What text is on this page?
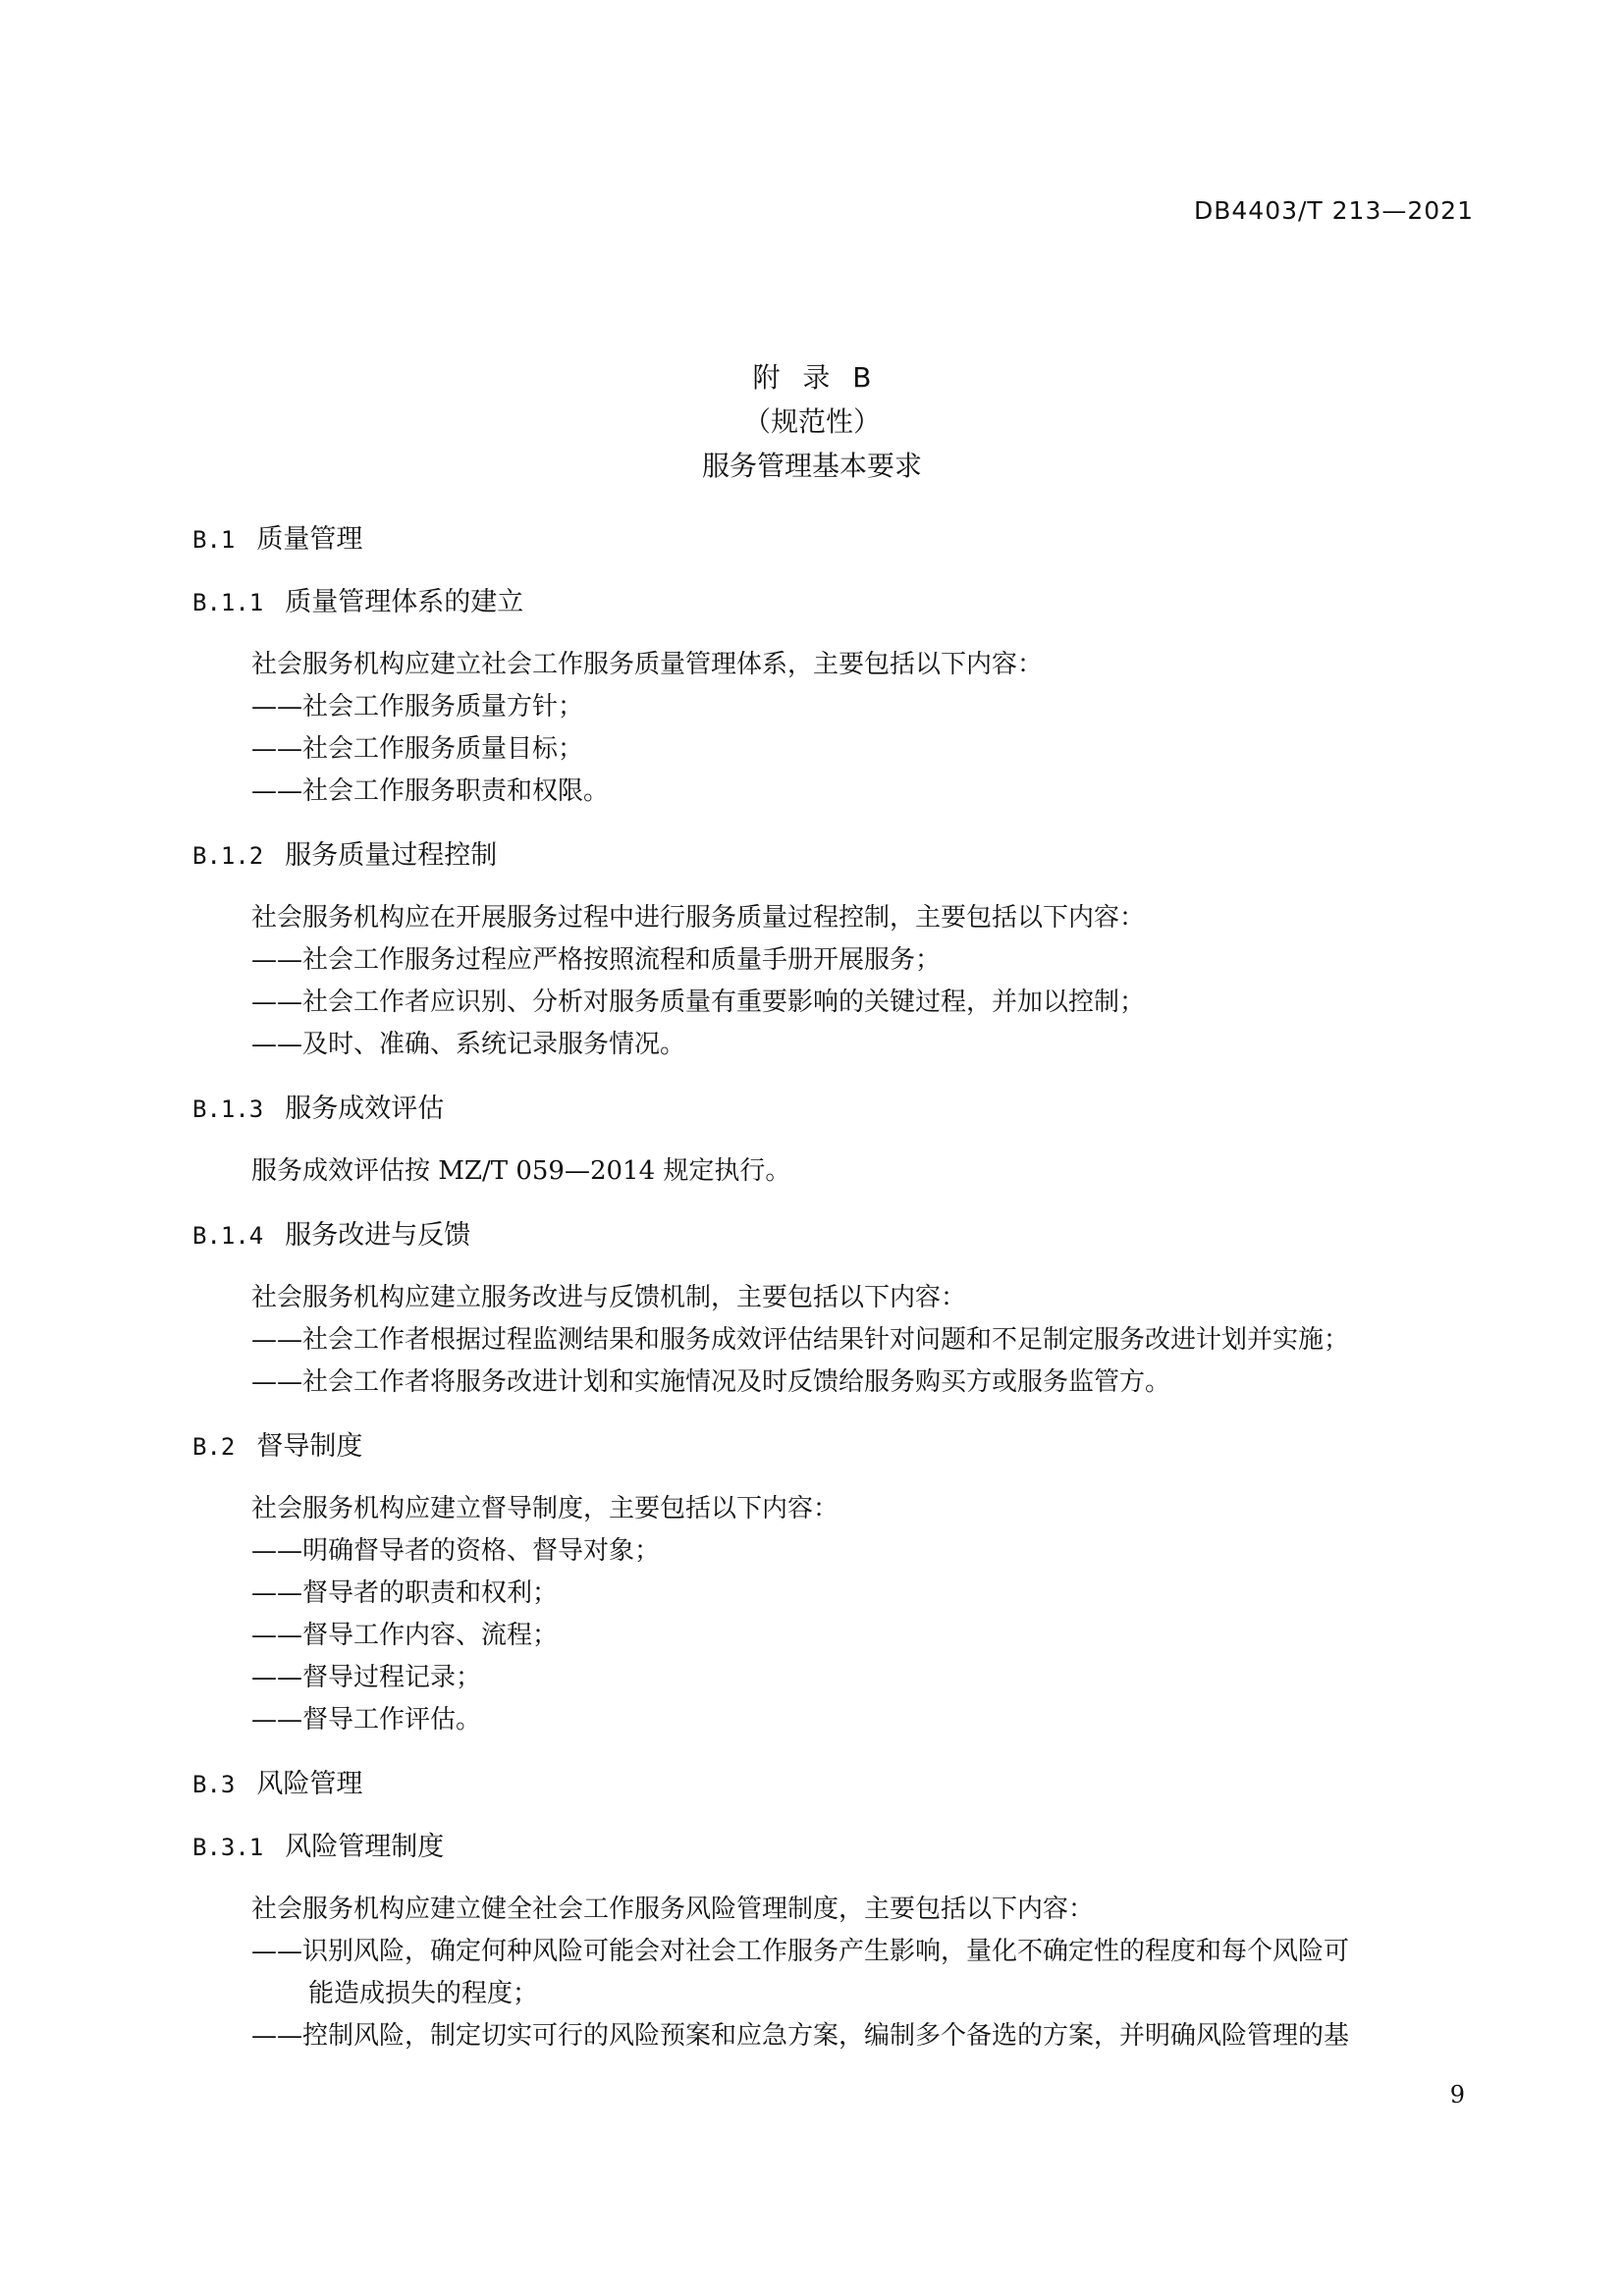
DB4403/T 213—2021
附 录 B
（规范性）
服务管理基本要求

B.1 质量管理

B.1.1 质量管理体系的建立

社会服务机构应建立社会工作服务质量管理体系，主要包括以下内容：

——社会工作服务质量方针；

——社会工作服务质量目标；

——社会工作服务职责和权限。

B.1.2 服务质量过程控制

社会服务机构应在开展服务过程中进行服务质量过程控制，主要包括以下内容：

——社会工作服务过程应严格按照流程和质量手册开展服务；

——社会工作者应识别、分析对服务质量有重要影响的关键过程，并加以控制；

——及时、准确、系统记录服务情况。

B.1.3 服务成效评估

服务成效评估按 MZ/T 059—2014 规定执行。

B.1.4 服务改进与反馈

社会服务机构应建立服务改进与反馈机制，主要包括以下内容：

——社会工作者根据过程监测结果和服务成效评估结果针对问题和不足制定服务改进计划并实施；

——社会工作者将服务改进计划和实施情况及时反馈给服务购买方或服务监管方。

B.2 督导制度

社会服务机构应建立督导制度，主要包括以下内容：

——明确督导者的资格、督导对象；

——督导者的职责和权利；

——督导工作内容、流程；

——督导过程记录；

——督导工作评估。

B.3 风险管理

B.3.1 风险管理制度

社会服务机构应建立健全社会工作服务风险管理制度，主要包括以下内容：

——识别风险，确定何种风险可能会对社会工作服务产生影响，量化不确定性的程度和每个风险可

能造成损失的程度；

——控制风险，制定切实可行的风险预案和应急方案，编制多个备选的方案，并明确风险管理的基

9
